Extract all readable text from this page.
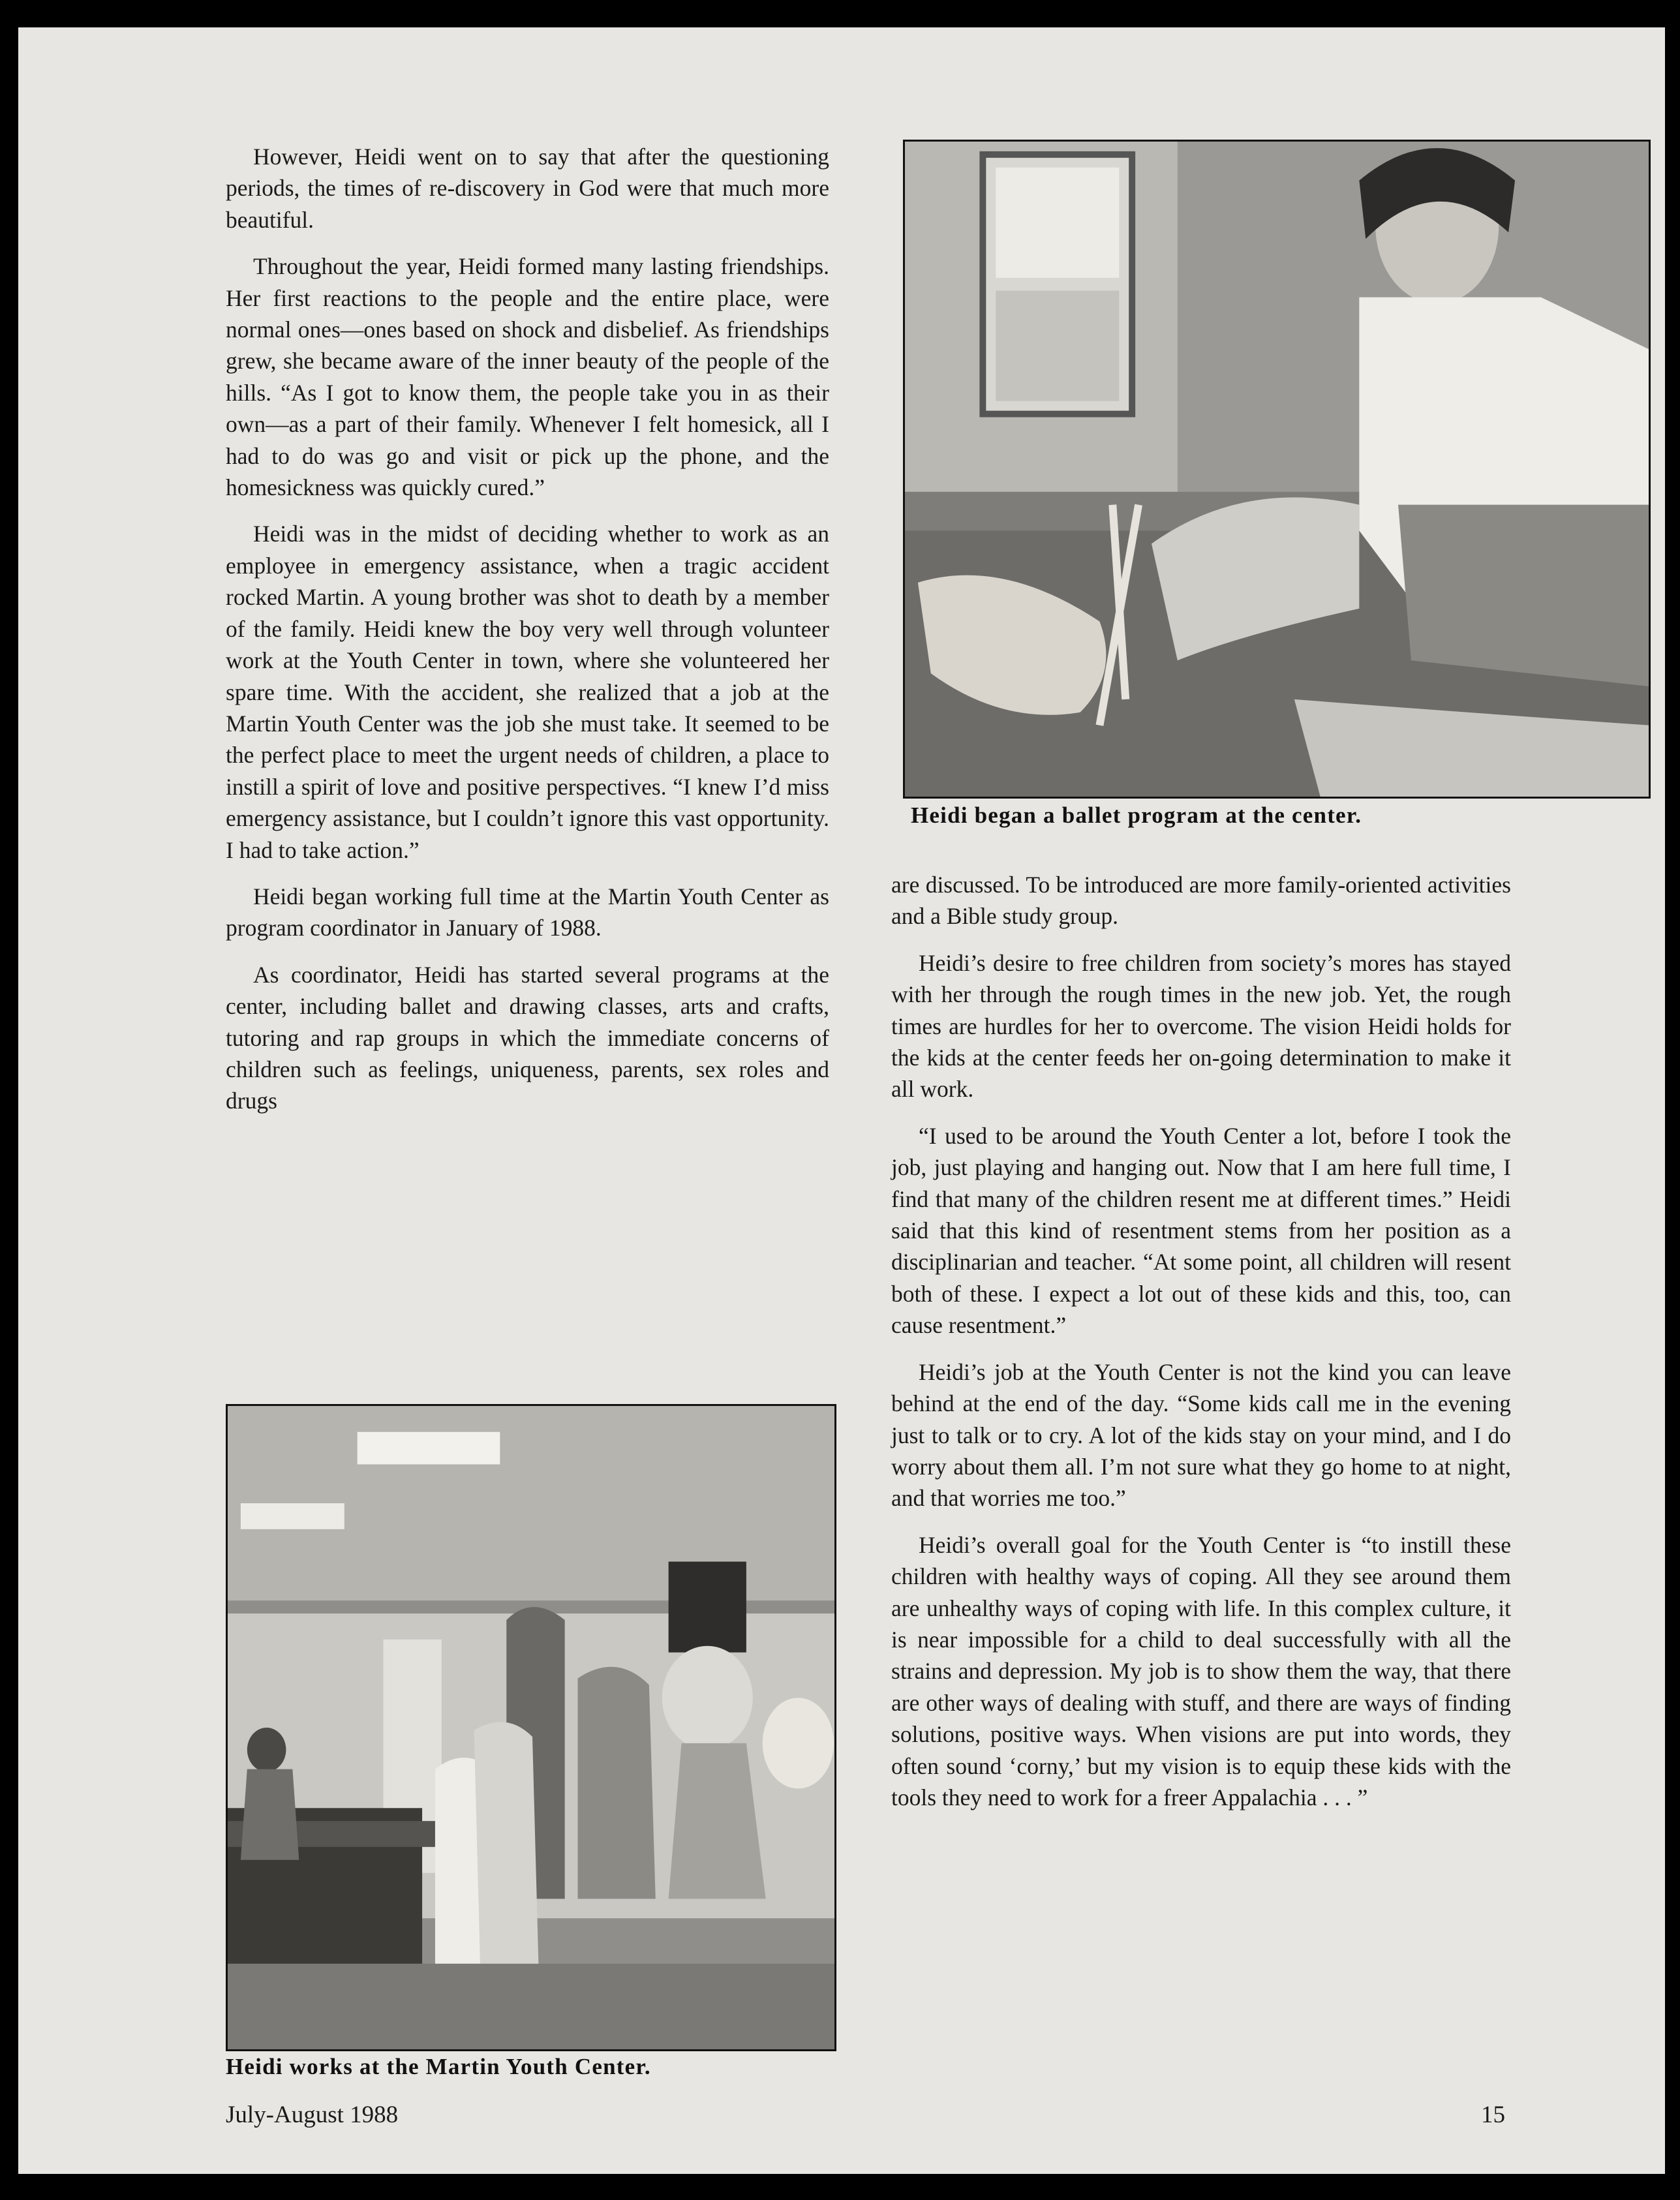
However, Heidi went on to say that after the questioning periods, the times of re-discovery in God were that much more beautiful.

Throughout the year, Heidi formed many lasting friendships. Her first reactions to the people and the entire place, were normal ones—ones based on shock and disbelief. As friendships grew, she became aware of the inner beauty of the people of the hills. “As I got to know them, the people take you in as their own—as a part of their family. Whenever I felt homesick, all I had to do was go and visit or pick up the phone, and the homesickness was quickly cured.”

Heidi was in the midst of deciding whether to work as an employee in emergency assistance, when a tragic accident rocked Martin. A young brother was shot to death by a member of the family. Heidi knew the boy very well through volunteer work at the Youth Center in town, where she volunteered her spare time. With the accident, she realized that a job at the Martin Youth Center was the job she must take. It seemed to be the perfect place to meet the urgent needs of children, a place to instill a spirit of love and positive perspectives. “I knew I’d miss emergency assistance, but I couldn’t ignore this vast opportunity. I had to take action.”

Heidi began working full time at the Martin Youth Center as program coordinator in January of 1988.

As coordinator, Heidi has started several programs at the center, including ballet and drawing classes, arts and crafts, tutoring and rap groups in which the immediate concerns of children such as feelings, uniqueness, parents, sex roles and drugs

Heidi began a ballet program at the center.

are discussed. To be introduced are more family-oriented activities and a Bible study group.

Heidi’s desire to free children from society’s mores has stayed with her through the rough times in the new job. Yet, the rough times are hurdles for her to overcome. The vision Heidi holds for the kids at the center feeds her on-going determination to make it all work.

“I used to be around the Youth Center a lot, before I took the job, just playing and hanging out. Now that I am here full time, I find that many of the children resent me at different times.” Heidi said that this kind of resentment stems from her position as a disciplinarian and teacher. “At some point, all children will resent both of these. I expect a lot out of these kids and this, too, can cause resentment.”

Heidi’s job at the Youth Center is not the kind you can leave behind at the end of the day. “Some kids call me in the evening just to talk or to cry. A lot of the kids stay on your mind, and I do worry about them all. I’m not sure what they go home to at night, and that worries me too.”

Heidi’s overall goal for the Youth Center is “to instill these children with healthy ways of coping. All they see around them are unhealthy ways of coping with life. In this complex culture, it is near impossible for a child to deal successfully with all the strains and depression. My job is to show them the way, that there are other ways of dealing with stuff, and there are ways of finding solutions, positive ways. When visions are put into words, they often sound ‘corny,’ but my vision is to equip these kids with the tools they need to work for a freer Appalachia . . . ”

Heidi works at the Martin Youth Center.
July-August 1988	15
